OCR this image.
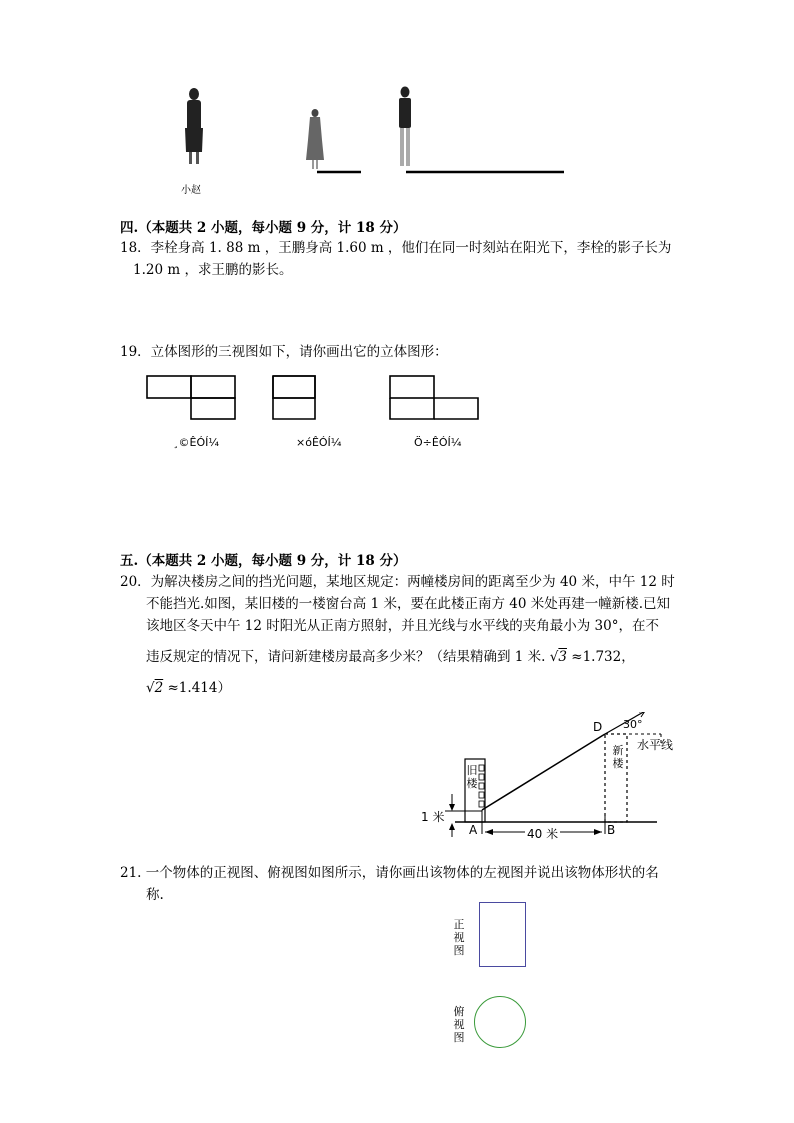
小赵
四.（本题共 2 小题，每小题 9 分，计 18 分）
18．李栓身高 1. 88 m ，王鹏身高 1.60 m ，他们在同一时刻站在阳光下，李栓的影子长为
1.20 m ，求王鹏的影长。
19．立体图形的三视图如下，请你画出它的立体图形：
¸©ÊÓÍ¼	×óÊÓÍ¼	Ö÷ÊÓÍ¼
五.（本题共 2 小题，每小题 9 分，计 18 分）
20．为解决楼房之间的挡光问题，某地区规定：两幢楼房间的距离至少为 40 米，中午 12 时
不能挡光.如图，某旧楼的一楼窗台高 1 米，要在此楼正南方 40 米处再建一幢新楼.已知
该地区冬天中午 12 时阳光从正南方照射，并且光线与水平线的夹角最小为 30°，在不
违反规定的情况下，请问新建楼房最高多少米？（结果精确到 1 米. √3 ≈1.732，
√2 ≈1.414）
旧楼
新楼
D 30°
水平线
1 米
A	40 米	B
21. 一个物体的正视图、俯视图如图所示，请你画出该物体的左视图并说出该物体形状的名
称.
正视图
俯视图
